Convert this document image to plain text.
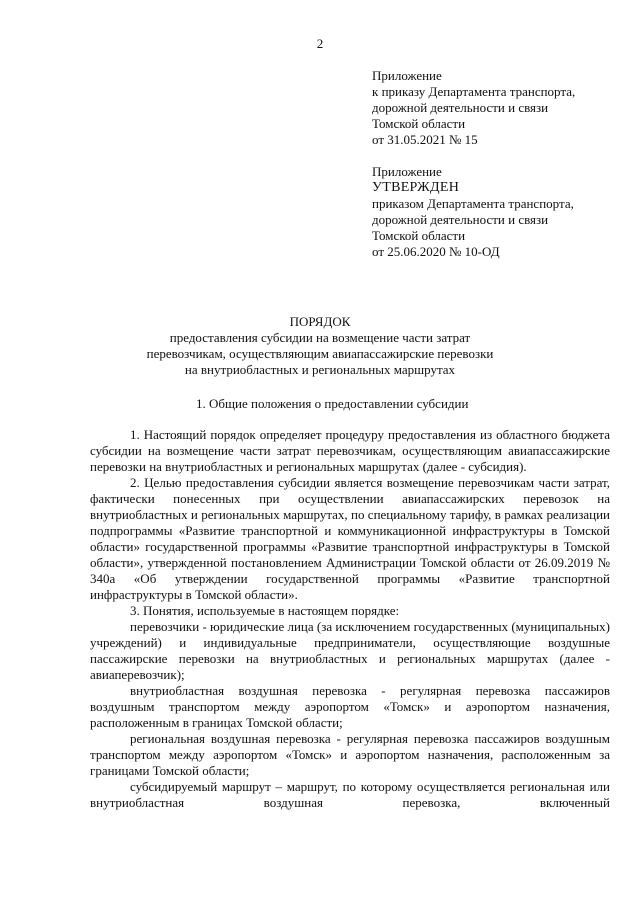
2
Приложение
к приказу Департамента транспорта,
дорожной деятельности и связи
Томской области
от 31.05.2021 № 15
Приложение
УТВЕРЖДЕН
приказом Департамента транспорта,
дорожной деятельности и связи
Томской области
от 25.06.2020 № 10-ОД
ПОРЯДОК
предоставления субсидии на возмещение части затрат
перевозчикам, осуществляющим авиапассажирские перевозки
на внутриобластных и региональных маршрутах
1. Общие положения о предоставлении субсидии

1. Настоящий порядок определяет процедуру предоставления из областного бюджета субсидии на возмещение части затрат перевозчикам, осуществляющим авиапассажирские перевозки на внутриобластных и региональных маршрутах (далее - субсидия).

2. Целью предоставления субсидии является возмещение перевозчикам части затрат, фактически понесенных при осуществлении авиапассажирских перевозок на внутриобластных и региональных маршрутах, по специальному тарифу, в рамках реализации подпрограммы «Развитие транспортной и коммуникационной инфраструктуры в Томской области» государственной программы «Развитие транспортной инфраструктуры в Томской области», утвержденной постановлением Администрации Томской области от 26.09.2019 № 340а «Об утверждении государственной программы «Развитие транспортной инфраструктуры в Томской области».

3. Понятия, используемые в настоящем порядке:

перевозчики - юридические лица (за исключением государственных (муниципальных) учреждений) и индивидуальные предприниматели, осуществляющие воздушные пассажирские перевозки на внутриобластных и региональных маршрутах (далее - авиаперевозчик);

внутриобластная воздушная перевозка - регулярная перевозка пассажиров воздушным транспортом между аэропортом «Томск» и аэропортом назначения, расположенным в границах Томской области;

региональная воздушная перевозка - регулярная перевозка пассажиров воздушным транспортом между аэропортом «Томск» и аэропортом назначения, расположенным за границами Томской области;

субсидируемый маршрут – маршрут, по которому осуществляется региональная или внутриобластная воздушная перевозка, включенный
